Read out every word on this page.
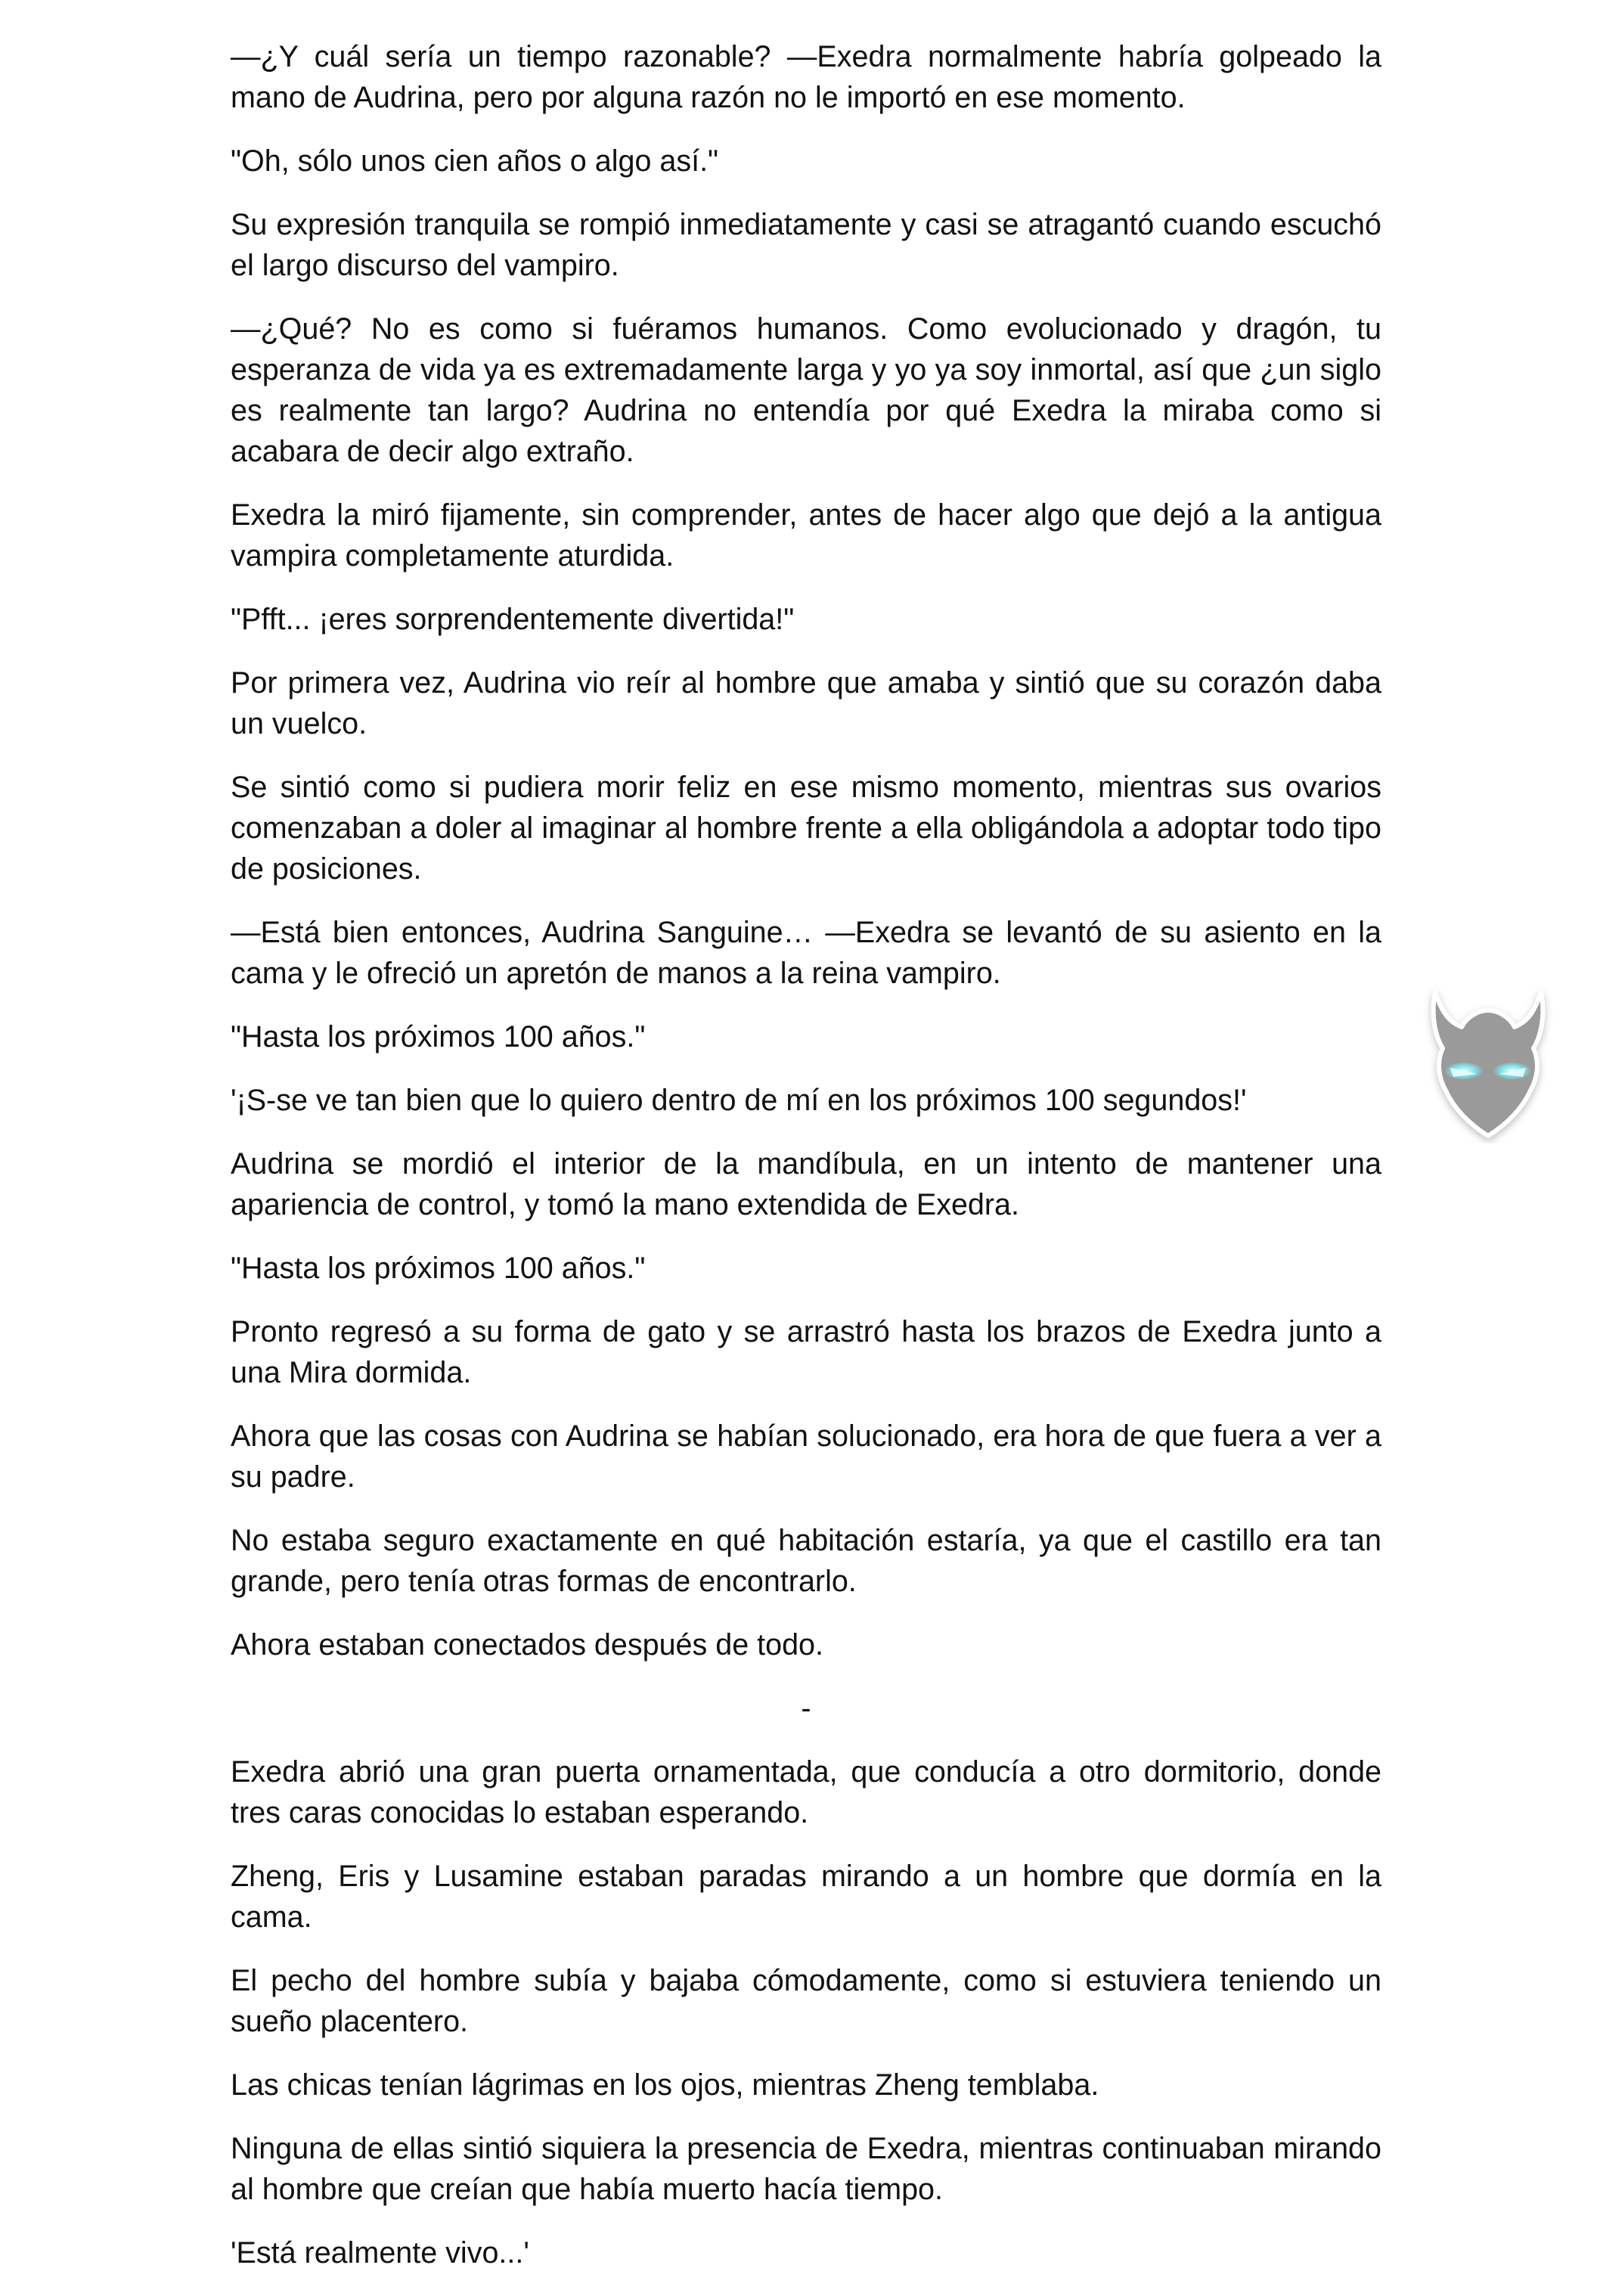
—¿Y cuál sería un tiempo razonable? —Exedra normalmente habría golpeado la mano de Audrina, pero por alguna razón no le importó en ese momento.

"Oh, sólo unos cien años o algo así."

Su expresión tranquila se rompió inmediatamente y casi se atragantó cuando escuchó el largo discurso del vampiro.

—¿Qué? No es como si fuéramos humanos. Como evolucionado y dragón, tu esperanza de vida ya es extremadamente larga y yo ya soy inmortal, así que ¿un siglo es realmente tan largo? Audrina no entendía por qué Exedra la miraba como si acabara de decir algo extraño.

Exedra la miró fijamente, sin comprender, antes de hacer algo que dejó a la antigua vampira completamente aturdida.

"Pfft... ¡eres sorprendentemente divertida!"

Por primera vez, Audrina vio reír al hombre que amaba y sintió que su corazón daba un vuelco.

Se sintió como si pudiera morir feliz en ese mismo momento, mientras sus ovarios comenzaban a doler al imaginar al hombre frente a ella obligándola a adoptar todo tipo de posiciones.

—Está bien entonces, Audrina Sanguine… —Exedra se levantó de su asiento en la cama y le ofreció un apretón de manos a la reina vampiro.

"Hasta los próximos 100 años."

'¡S-se ve tan bien que lo quiero dentro de mí en los próximos 100 segundos!'

Audrina se mordió el interior de la mandíbula, en un intento de mantener una apariencia de control, y tomó la mano extendida de Exedra.

"Hasta los próximos 100 años."

Pronto regresó a su forma de gato y se arrastró hasta los brazos de Exedra junto a una Mira dormida.

Ahora que las cosas con Audrina se habían solucionado, era hora de que fuera a ver a su padre.

No estaba seguro exactamente en qué habitación estaría, ya que el castillo era tan grande, pero tenía otras formas de encontrarlo.

Ahora estaban conectados después de todo.

-

Exedra abrió una gran puerta ornamentada, que conducía a otro dormitorio, donde tres caras conocidas lo estaban esperando.

Zheng, Eris y Lusamine estaban paradas mirando a un hombre que dormía en la cama.

El pecho del hombre subía y bajaba cómodamente, como si estuviera teniendo un sueño placentero.

Las chicas tenían lágrimas en los ojos, mientras Zheng temblaba.

Ninguna de ellas sintió siquiera la presencia de Exedra, mientras continuaban mirando al hombre que creían que había muerto hacía tiempo.

'Está realmente vivo...'
